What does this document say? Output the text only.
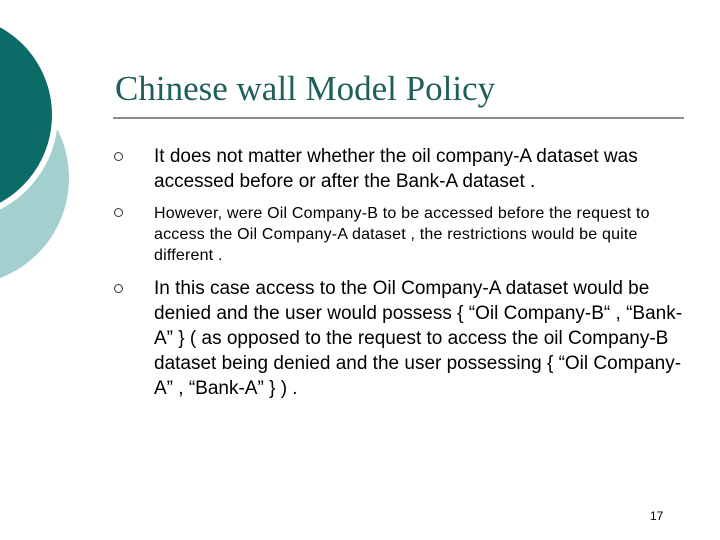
Chinese wall Model Policy
It does not matter whether the oil company-A dataset was accessed before or after the Bank-A dataset .
However, were Oil Company-B to be accessed before the request to access the Oil Company-A dataset , the restrictions would be quite different .
In this case access to the Oil Company-A dataset would be denied and the user would possess { “Oil Company-B“ , “Bank-A” } ( as opposed to the request to access the oil Company-B dataset being denied and the user possessing { “Oil Company-A” , “Bank-A” } ) .
17
